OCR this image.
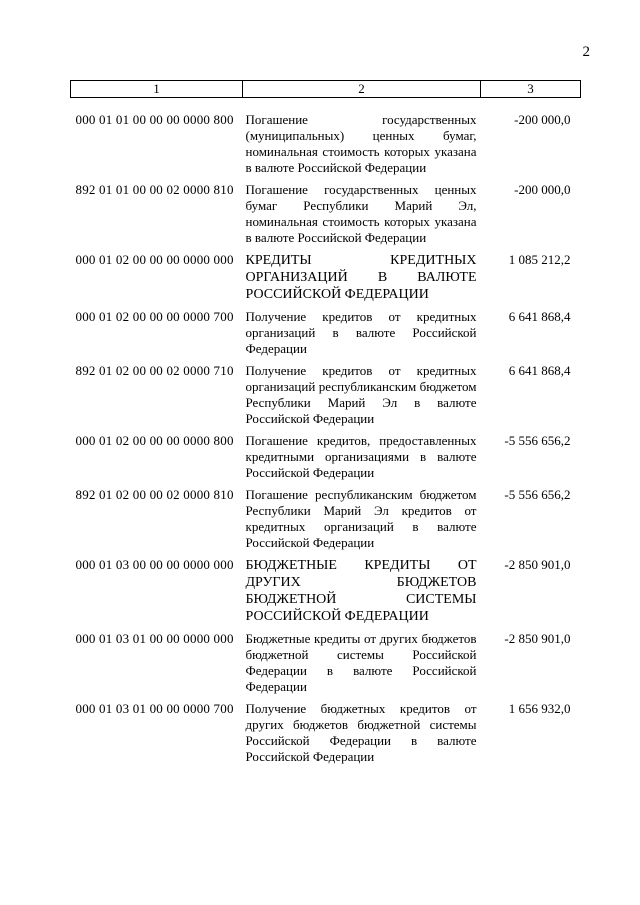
2
1	2	3

000 01 01 00 00 00 0000 800	Погашение государственных (муниципальных) ценных бумаг, номинальная стоимость которых указана в валюте Российской Федерации	-200 000,0
892 01 01 00 00 02 0000 810	Погашение государственных ценных бумаг Республики Марий Эл, номинальная стоимость которых указана в валюте Российской Федерации	-200 000,0
000 01 02 00 00 00 0000 000	КРЕДИТЫ КРЕДИТНЫХ ОРГАНИЗАЦИЙ В ВАЛЮТЕ РОССИЙСКОЙ ФЕДЕРАЦИИ	1 085 212,2
000 01 02 00 00 00 0000 700	Получение кредитов от кредитных организаций в валюте Российской Федерации	6 641 868,4
892 01 02 00 00 02 0000 710	Получение кредитов от кредитных организаций республиканским бюджетом Республики Марий Эл в валюте Российской Федерации	6 641 868,4
000 01 02 00 00 00 0000 800	Погашение кредитов, предоставленных кредитными организациями в валюте Российской Федерации	-5 556 656,2
892 01 02 00 00 02 0000 810	Погашение республиканским бюджетом Республики Марий Эл кредитов от кредитных организаций в валюте Российской Федерации	-5 556 656,2
000 01 03 00 00 00 0000 000	БЮДЖЕТНЫЕ КРЕДИТЫ ОТ ДРУГИХ БЮДЖЕТОВ БЮДЖЕТНОЙ СИСТЕМЫ РОССИЙСКОЙ ФЕДЕРАЦИИ	-2 850 901,0
000 01 03 01 00 00 0000 000	Бюджетные кредиты от других бюджетов бюджетной системы Российской Федерации в валюте Российской Федерации	-2 850 901,0
000 01 03 01 00 00 0000 700	Получение бюджетных кредитов от других бюджетов бюджетной системы Российской Федерации в валюте Российской Федерации	1 656 932,0
